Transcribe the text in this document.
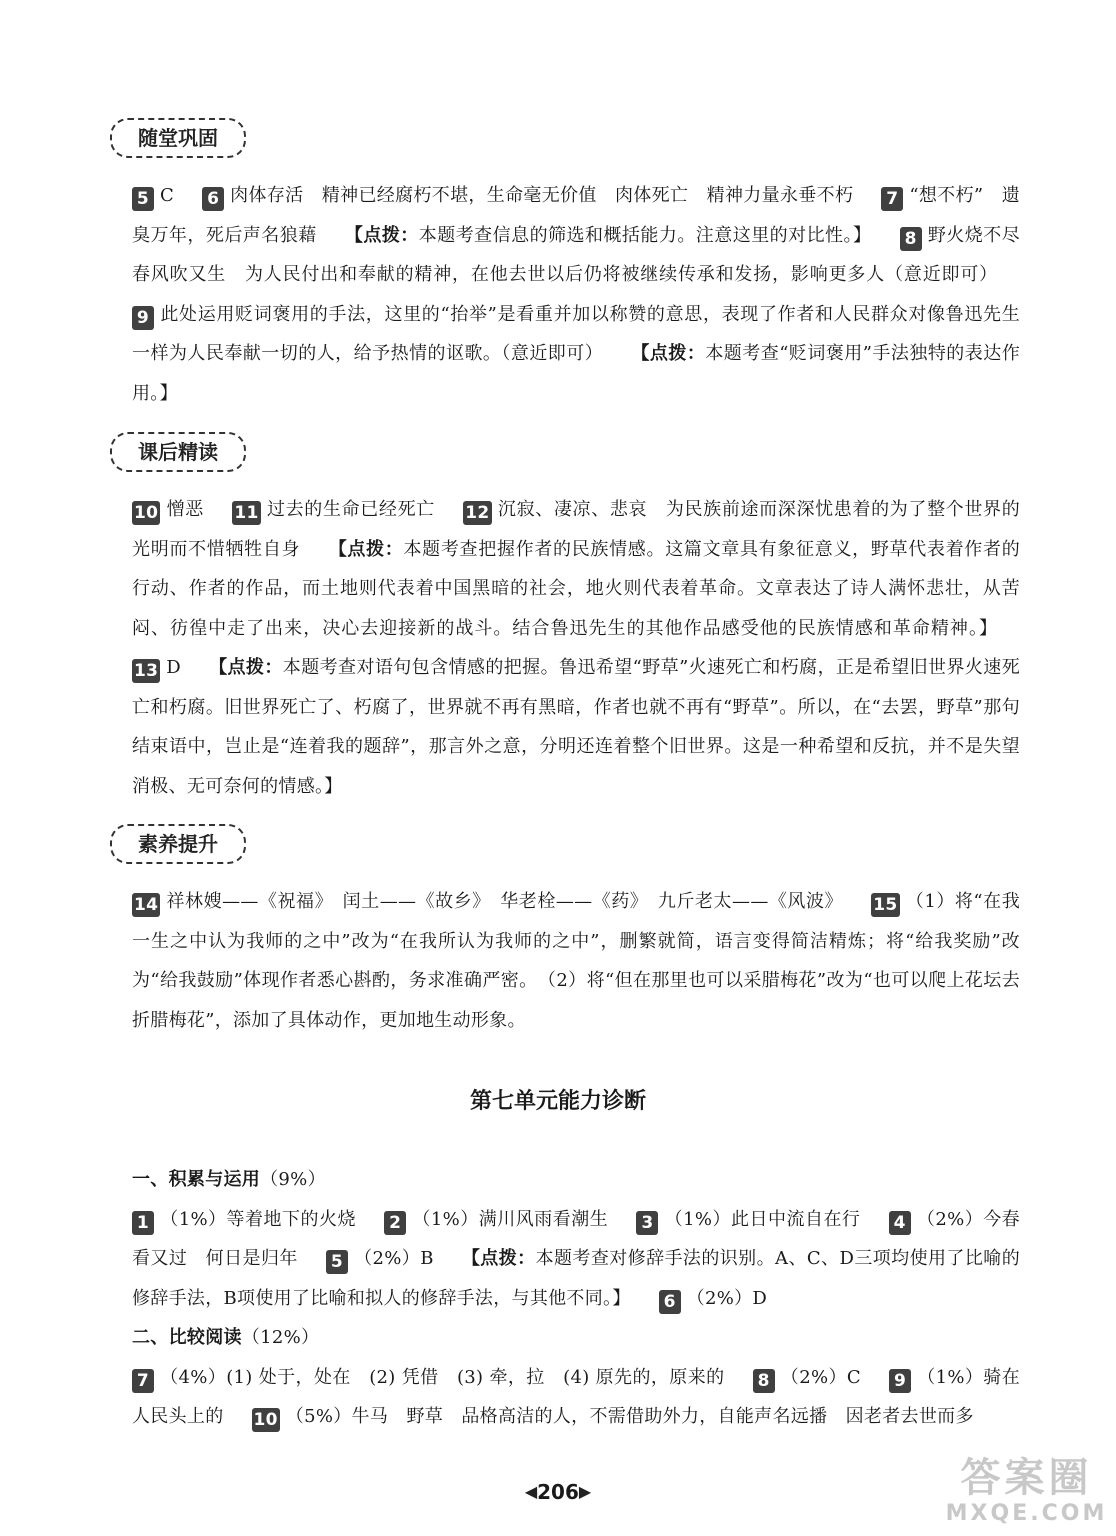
随堂巩固

5 C 6 肉体存活　精神已经腐朽不堪，生命毫无价值　肉体死亡　精神力量永垂不朽 7 “想不朽”　遗臭万年，死后声名狼藉 【点拨：本题考查信息的筛选和概括能力。注意这里的对比性。】 8 野火烧不尽　春风吹又生　为人民付出和奉献的精神，在他去世以后仍将被继续传承和发扬，影响更多人（意近即可） 9 此处运用贬词褒用的手法，这里的“抬举”是看重并加以称赞的意思，表现了作者和人民群众对像鲁迅先生一样为人民奉献一切的人，给予热情的讴歌。（意近即可） 【点拨：本题考查“贬词褒用”手法独特的表达作用。】

课后精读

10 憎恶 11 过去的生命已经死亡 12 沉寂、凄凉、悲哀　为民族前途而深深忧患着的为了整个世界的光明而不惜牺牲自身 【点拨：本题考查把握作者的民族情感。这篇文章具有象征意义，野草代表着作者的行动、作者的作品，而土地则代表着中国黑暗的社会，地火则代表着革命。文章表达了诗人满怀悲壮，从苦闷、彷徨中走了出来，决心去迎接新的战斗。结合鲁迅先生的其他作品感受他的民族情感和革命精神。】 13 D 【点拨：本题考查对语句包含情感的把握。鲁迅希望“野草”火速死亡和朽腐，正是希望旧世界火速死亡和朽腐。旧世界死亡了、朽腐了，世界就不再有黑暗，作者也就不再有“野草”。所以，在“去罢，野草”那句结束语中，岂止是“连着我的题辞”，那言外之意，分明还连着整个旧世界。这是一种希望和反抗，并不是失望消极、无可奈何的情感。】

素养提升

14 祥林嫂——《祝福》　闰土——《故乡》　华老栓——《药》　九斤老太——《风波》 15 （1）将“在我一生之中认为我师的之中”改为“在我所认为我师的之中”，删繁就简，语言变得简洁精炼；将“给我奖励”改为“给我鼓励”体现作者悉心斟酌，务求准确严密。　（2）将“但在那里也可以采腊梅花”改为“也可以爬上花坛去折腊梅花”，添加了具体动作，更加地生动形象。

第七单元能力诊断

一、积累与运用（9%）

1 （1%）等着地下的火烧 2 （1%）满川风雨看潮生 3 （1%）此日中流自在行 4 （2%）今春看又过　何日是归年 5 （2%）B 【点拨：本题考查对修辞手法的识别。A、C、D三项均使用了比喻的修辞手法，B项使用了比喻和拟人的修辞手法，与其他不同。】 6 （2%）D

二、比较阅读（12%）

7 （4%）(1) 处于，处在　(2) 凭借　(3) 牵，拉　(4) 原先的，原来的 8 （2%）C 9 （1%）骑在人民头上的 10 （5%）牛马　野草　品格高洁的人，不需借助外力，自能声名远播　因老者去世而多

◀206▶	答案圈
MXQE.COM
